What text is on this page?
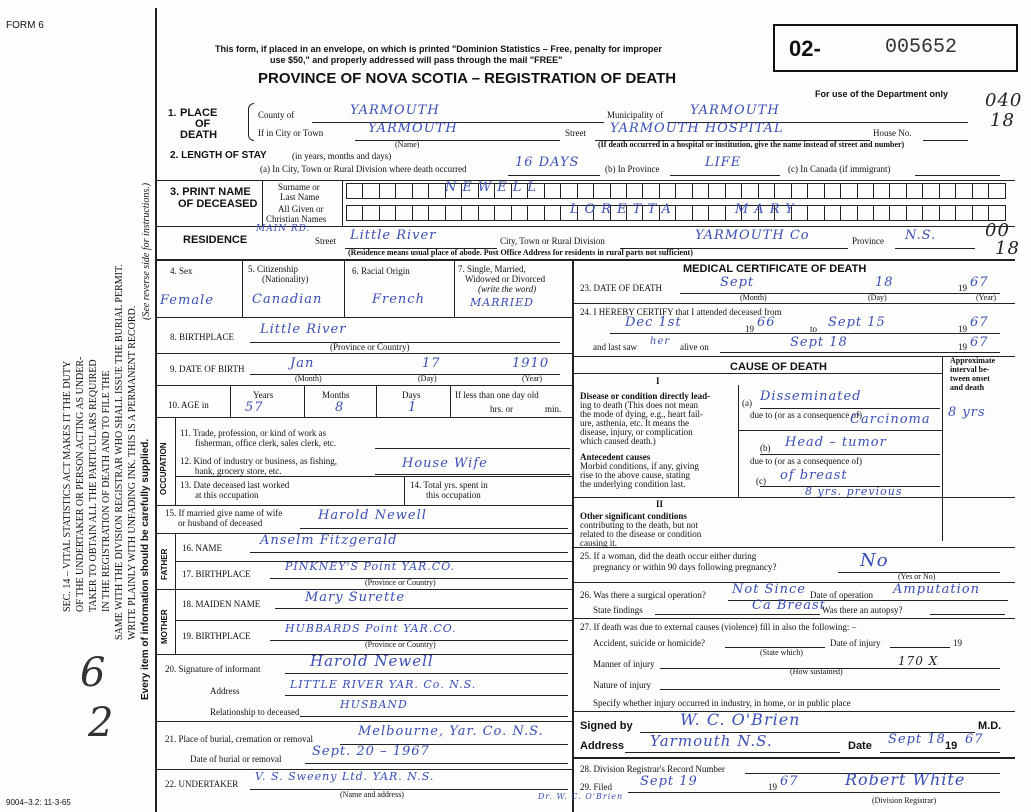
FORM 6
SEC. 14 – VITAL STATISTICS ACT MAKES IT THE DUTY OF THE UNDERTAKER OR PERSON ACTING AS UNDER- TAKER TO OBTAIN ALL THE PARTICULARS REQUIRED IN THE REGISTRATION OF DEATH AND TO FILE THE SAME WITH THE DIVISION REGISTRAR WHO SHALL ISSUE THE BURIAL PERMIT. WRITE PLAINLY WITH UNFADING INK. THIS IS A PERMANENT RECORD.
(See reverse side for instructions.)
Every item of information should be carefully supplied.
6
2
9004–3.2: 11-3-65
This form, if placed in an envelope, on which is printed "Dominion Statistics – Free, penalty for improper
use $50," and properly addressed will pass through the mail "FREE"
PROVINCE OF NOVA SCOTIA – REGISTRATION OF DEATH
02-	005652
For use of the Department only 040
18
00
18
1. PLACE
OF
DEATH
County of	YARMOUTH	Municipality of YARMOUTH
If in City or Town	YARMOUTH
(Name)
Street YARMOUTH HOSPITAL	House No.
(If death occurred in a hospital or institution, give the name instead of street and number)
2. LENGTH OF STAY	(in years, months and days)
(a) In City, Town or Rural Division where death occurred	16 DAYS	(b) In Province	LIFE	(c) In Canada (if immigrant)
3. PRINT NAME
OF DECEASED
Surname or
Last Name
NEWELL
All Given or
Christian Names
LORETTA	MARY
RESIDENCE
MAIN RD.
Street Little River	City, Town or Rural Division	YARMOUTH Co	Province N.S.
(Residence means usual place of abode. Post Office Address for residents in rural parts not sufficient)
4. Sex	5. Citizenship
(Nationality)
6. Racial Origin	7. Single, Married,
Widowed or Divorced
(write the word)
Female	Canadian	French	MARRIED
8. BIRTHPLACE Little River
(Province or Country)
9. DATE OF BIRTH	Jan	17	1910
(Month)	(Day)	(Year)
10. AGE in
Years	Months	Days
57	8	1
If less than one day old
hrs. or	min.
OCCUPATION
11. Trade, profession, or kind of work as
fisherman, office clerk, sales clerk, etc.
12. Kind of industry or business, as fishing,
bank, grocery store, etc.	House Wife
13. Date deceased last worked
at this occupation
14. Total yrs. spent in
this occupation
15. If married give name of wife
or husband of deceased	Harold Newell
FATHER
16. NAME	Anselm Fitzgerald
17. BIRTHPLACE
PINKNEY'S Point YAR.CO.
(Province or Country)
MOTHER
18. MAIDEN NAME	Mary Surette
19. BIRTHPLACE
HUBBARDS Point YAR.CO.
(Province or Country)
20. Signature of informant	Harold Newell
Address	LITTLE RIVER YAR. Co. N.S.
Relationship to deceased
HUSBAND
21. Place of burial, cremation or removal	Melbourne, Yar. Co. N.S.
Date of burial or removal Sept. 20 – 1967
22. UNDERTAKER
V. S. Sweeny Ltd. YAR. N.S.
(Name and address)	Dr. W. C. O'Brien
MEDICAL CERTIFICATE OF DEATH
23. DATE OF DEATH	Sept	18	19 67
(Month)	(Day)	(Year)
24. I HEREBY CERTIFY that I attended deceased from
Dec 1st	19 66	to Sept 15	19 67
and last saw her alive on	Sept 18	19 67
CAUSE OF DEATH
Approximate
interval be-
tween onset
and death
I
Disease or condition directly lead-
ing to death (This does not mean
the mode of dying, e.g., heart fail-
ure, asthenia, etc. It means the
disease, injury, or complication
which caused death.)
(a) Disseminated
due to (or as a consequence of)
Carcinoma 8 yrs
Antecedent causes
Morbid conditions, if any, giving
rise to the above cause, stating
the underlying condition last.
(b) Head – tumor
due to (or as a consequence of)
(c) of breast
8 yrs. previous
II
Other significant conditions
contributing to the death, but not
related to the disease or condition
causing it.
25. If a woman, did the death occur either during
pregnancy or within 90 days following pregnancy?	No
(Yes or No)
26. Was there a surgical operation? Not Since Date of operation Amputation
State findings	Ca Breast
Was there an autopsy?
27. If death was due to external causes (violence) fill in also the following: –
Accident, suicide or homicide?
(State which)
Date of injury	19
Manner of injury
(How sustained)
170 X
Nature of injury
Specify whether injury occurred in industry, in home, or in public place
Signed by	W. C. O'Brien	M.D.
Address Yarmouth N.S.	Date Sept 18 19 67
28. Division Registrar's Record Number
29. Filed Sept 19	19 67	Robert White
(Division Registrar)
